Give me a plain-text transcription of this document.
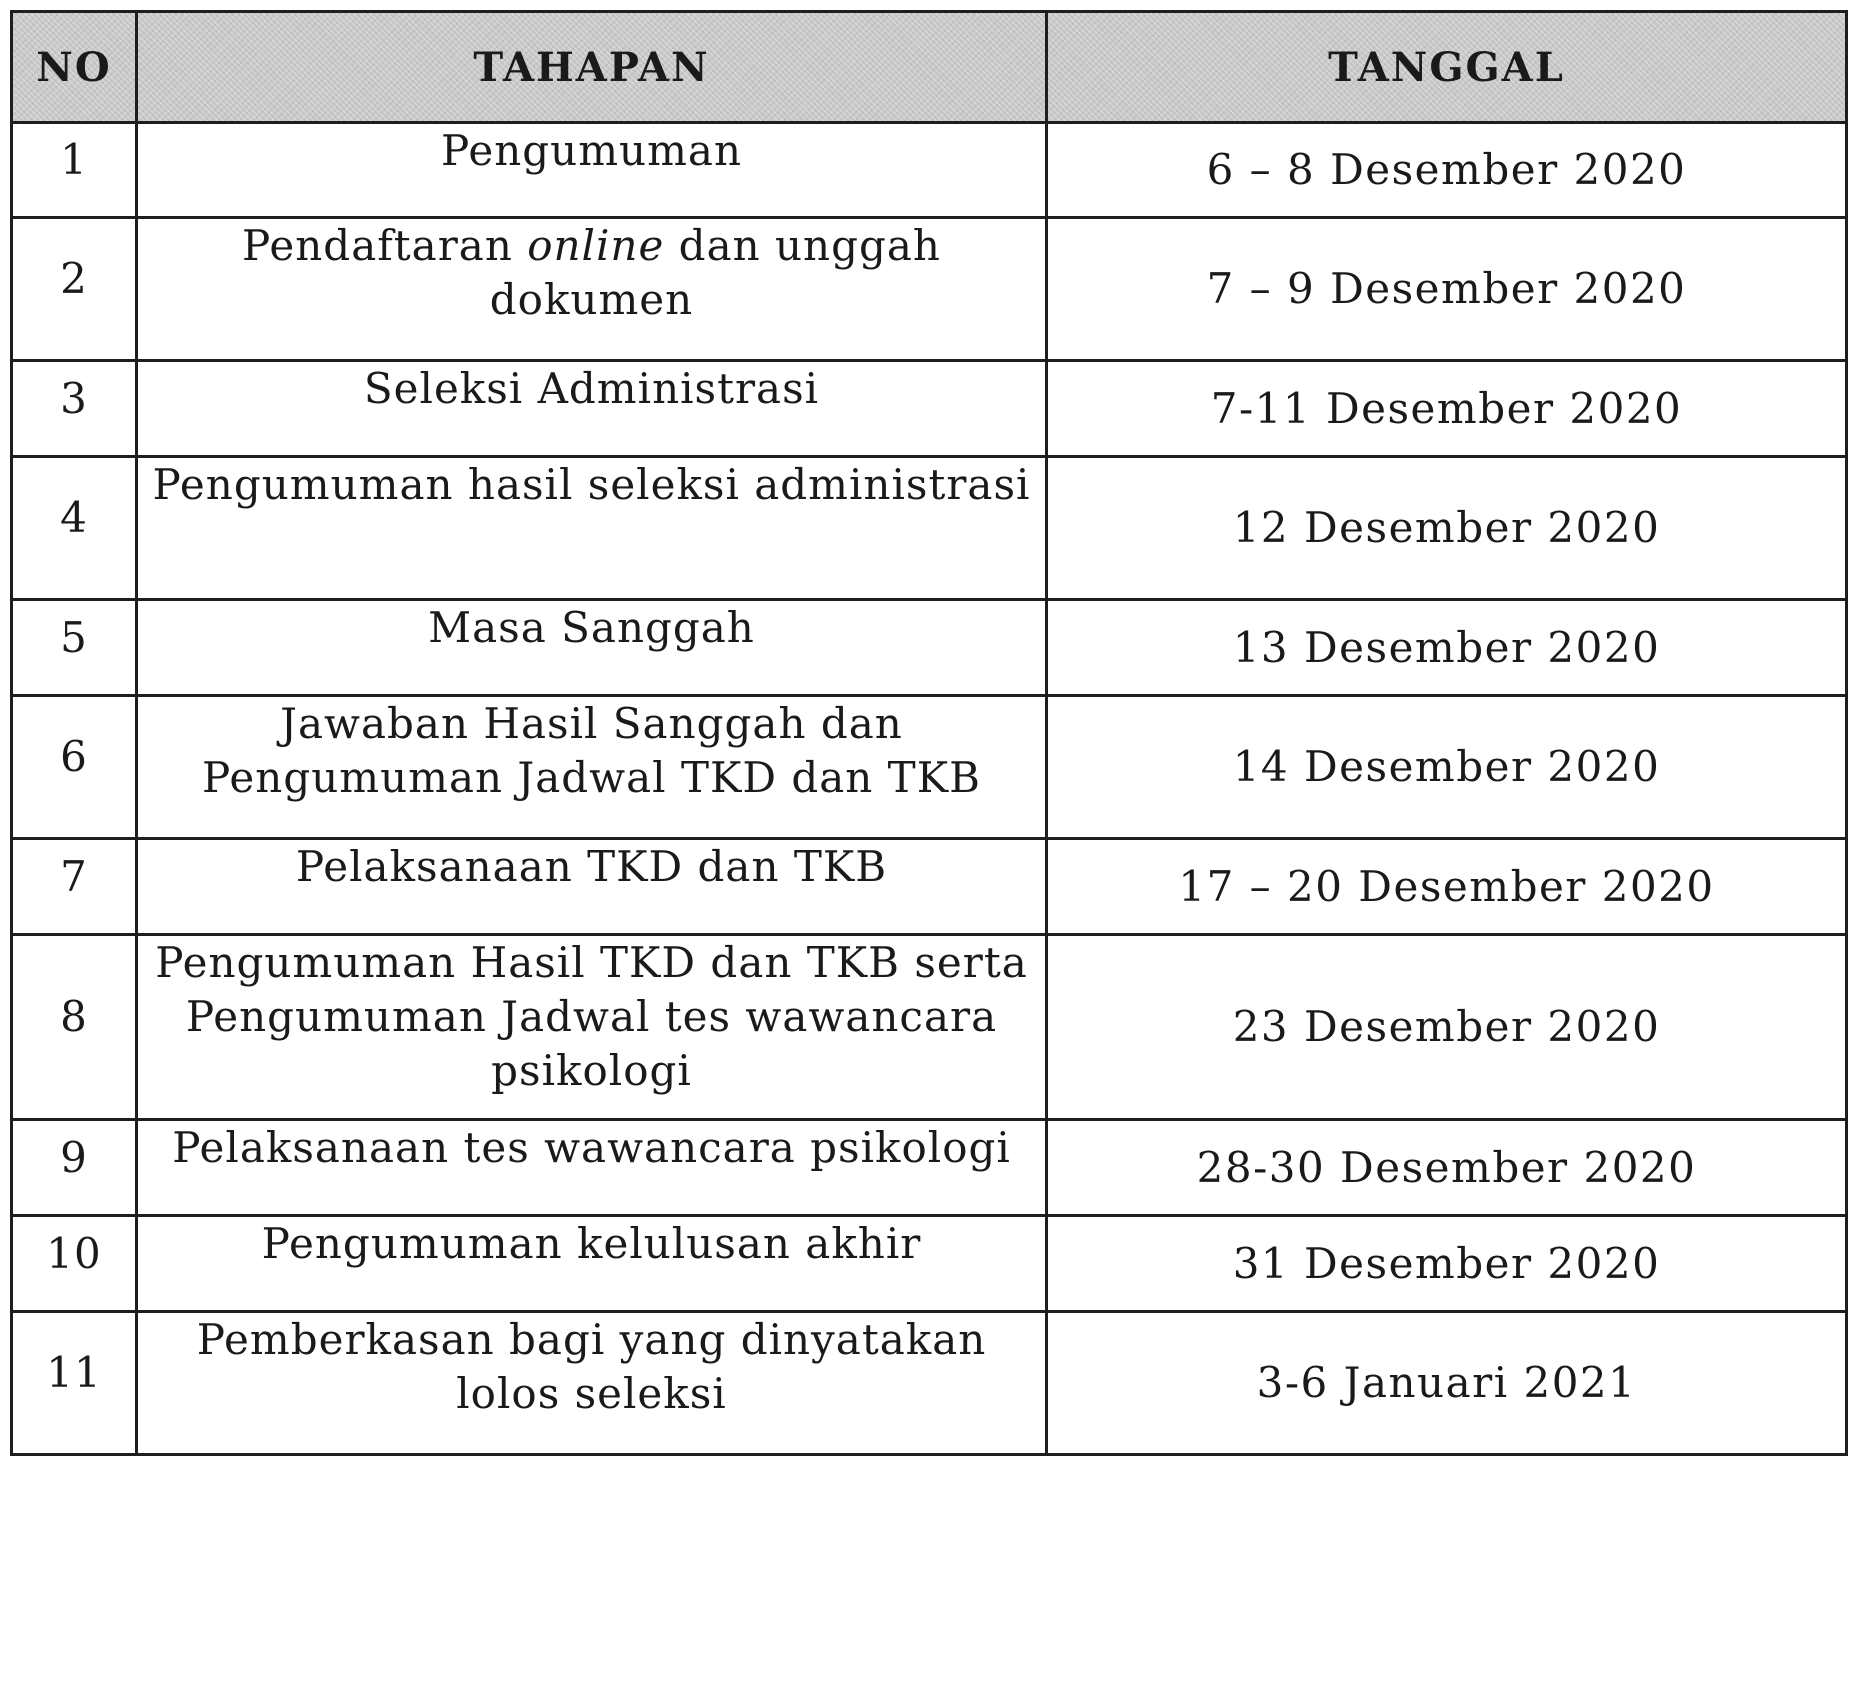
NO	TAHAPAN	TANGGAL
1	Pengumuman	6 – 8 Desember 2020
2	Pendaftaran online dan unggah dokumen	7 – 9 Desember 2020
3	Seleksi Administrasi	7-11 Desember 2020
4	Pengumuman hasil seleksi administrasi	12 Desember 2020
5	Masa Sanggah	13 Desember 2020
6	Jawaban Hasil Sanggah dan Pengumuman Jadwal TKD dan TKB	14 Desember 2020
7	Pelaksanaan TKD dan TKB	17 – 20 Desember 2020
8	Pengumuman Hasil TKD dan TKB serta Pengumuman Jadwal tes wawancara psikologi	23 Desember 2020
9	Pelaksanaan tes wawancara psikologi	28-30 Desember 2020
10	Pengumuman kelulusan akhir	31 Desember 2020
11	Pemberkasan bagi yang dinyatakan lolos seleksi	3-6 Januari 2021
